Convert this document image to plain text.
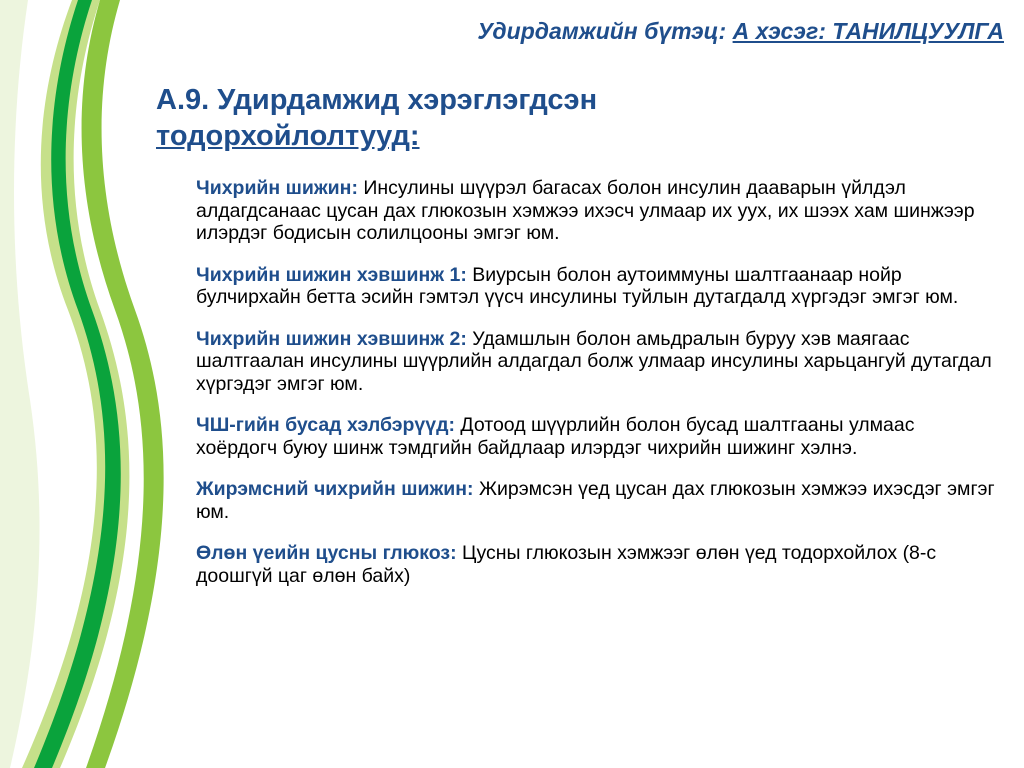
Удирдамжийн бүтэц: А хэсэг: ТАНИЛЦУУЛГА
А.9. Удирдамжид хэрэглэгдсэн
тодорхойлолтууд:

Чихрийн шижин: Инсулины шүүрэл багасах болон инсулин дааварын үйлдэл алдагдсанаас цусан дах глюкозын хэмжээ ихэсч улмаар их уух, их шээх хам шинжээр илэрдэг бодисын солилцооны эмгэг юм.

Чихрийн шижин хэвшинж 1: Виурсын болон аутоиммуны шалтгаанаар нойр булчирхайн бетта эсийн гэмтэл үүсч инсулины туйлын дутагдалд хүргэдэг эмгэг юм.

Чихрийн шижин хэвшинж 2: Удамшлын болон амьдралын буруу хэв маягаас шалтгаалан инсулины шүүрлийн алдагдал болж улмаар инсулины харьцангуй дутагдал хүргэдэг эмгэг юм.

ЧШ-гийн бусад хэлбэрүүд: Дотоод шүүрлийн болон бусад шалтгааны улмаас хоёрдогч буюу шинж тэмдгийн байдлаар илэрдэг чихрийн шижинг хэлнэ.

Жирэмсний чихрийн шижин: Жирэмсэн үед цусан дах глюкозын хэмжээ ихэсдэг эмгэг юм.

Өлөн үеийн цусны глюкоз: Цусны глюкозын хэмжээг өлөн үед тодорхойлох (8-с доошгүй цаг өлөн байх)
